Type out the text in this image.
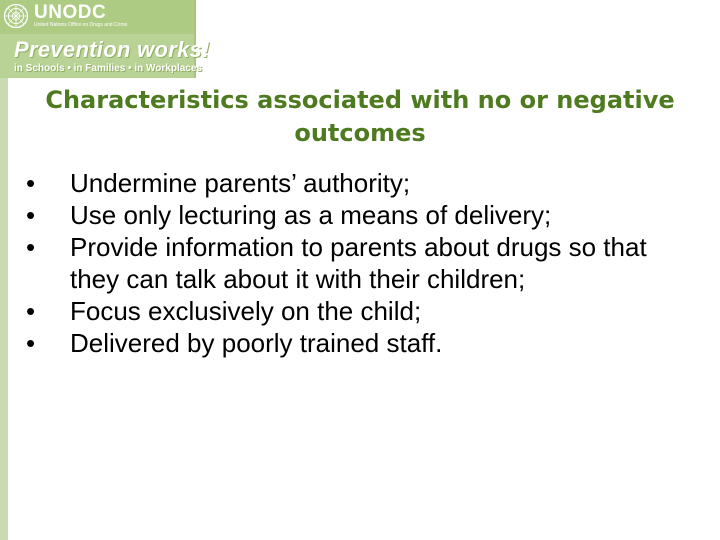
UNODC
United Nations Office on Drugs and Crime
Prevention works!
in Schools • in Families • in Workplaces
Characteristics associated with no or negative outcomes
•	Undermine parents’ authority;
•	Use only lecturing as a means of delivery;
•	Provide information to parents about drugs so that they can talk about it with their children;
•	Focus exclusively on the child;
•	Delivered by poorly trained staff.
